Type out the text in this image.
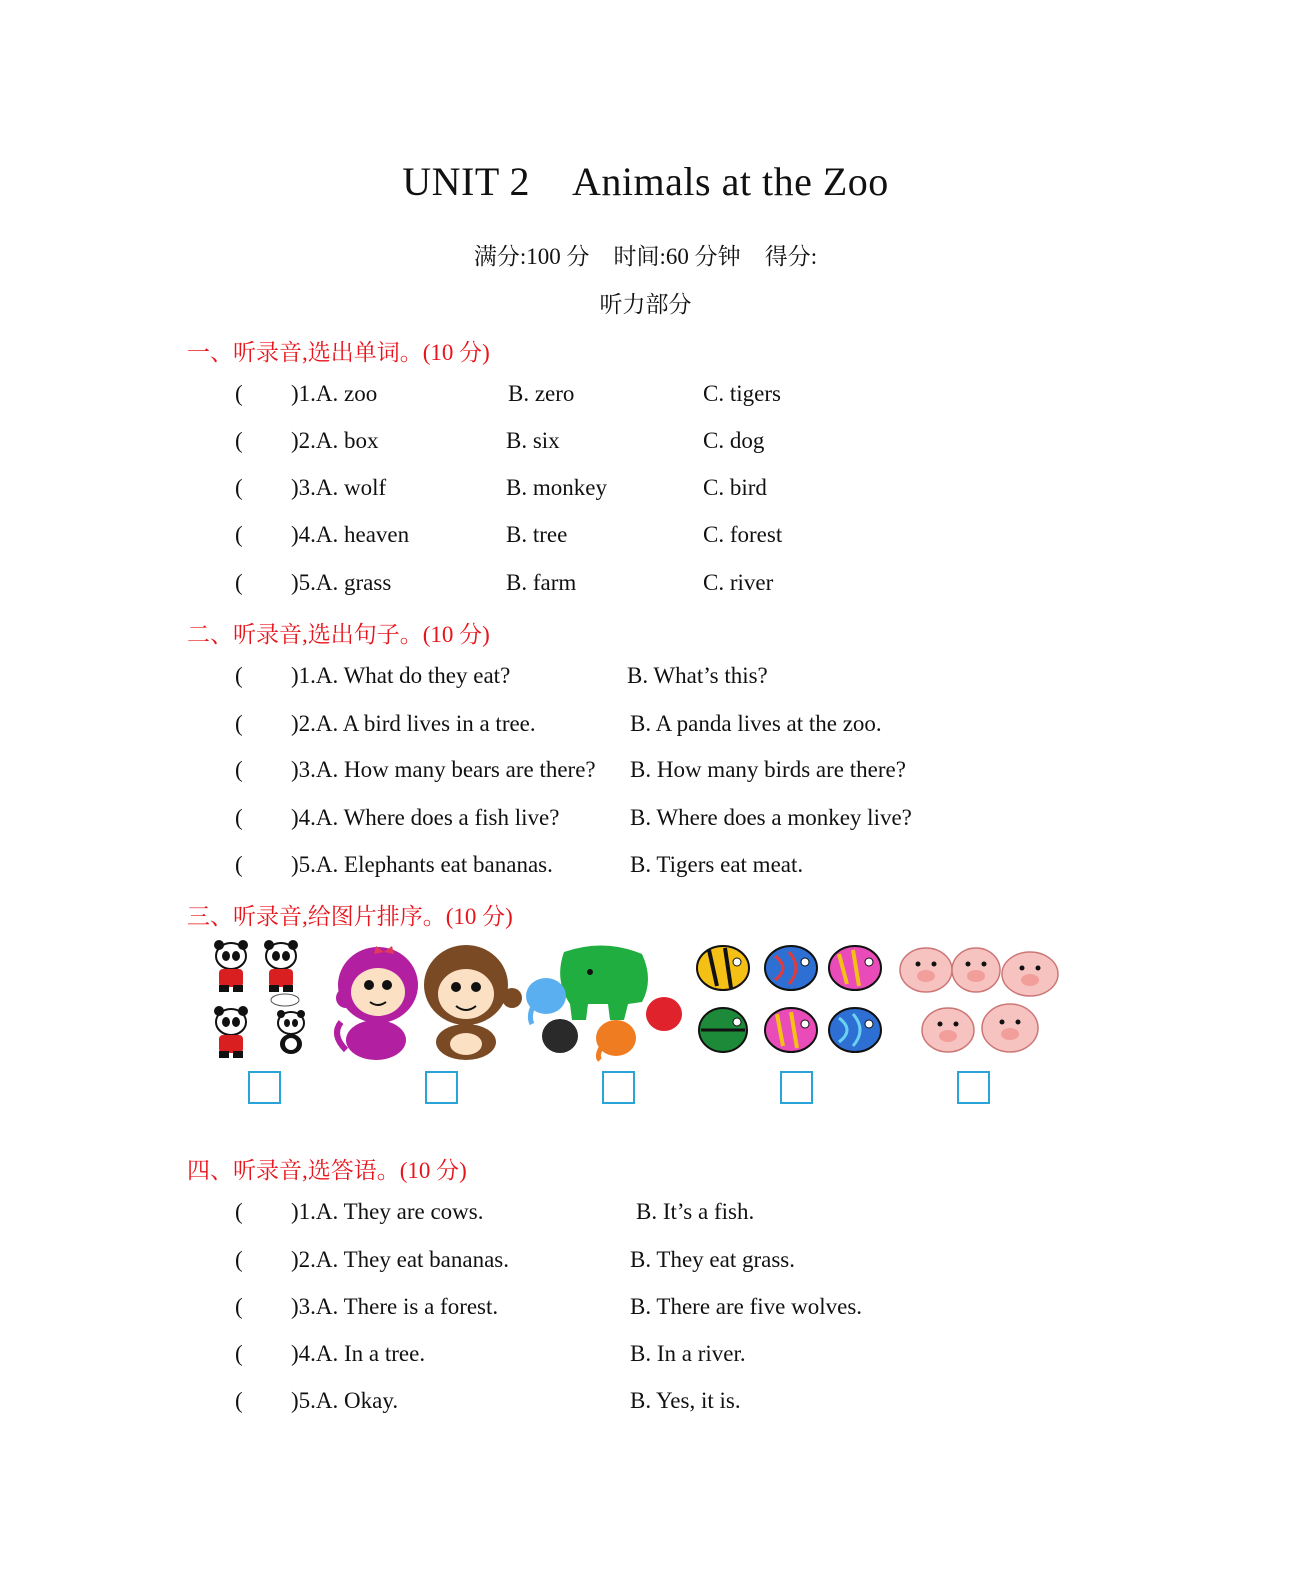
UNIT 2 Animals at the Zoo
满分:100 分 时间:60 分钟 得分:
听力部分
一、听录音,选出单词。(10 分)
( )1.A. zoo	B. zero	C. tigers
( )2.A. box	B. six	C. dog
( )3.A. wolf	B. monkey	C. bird
( )4.A. heaven	B. tree	C. forest
( )5.A. grass	B. farm	C. river
二、听录音,选出句子。(10 分)
( )1.A. What do they eat?	B. What’s this?
( )2.A. A bird lives in a tree.	B. A panda lives at the zoo.
( )3.A. How many bears are there? B. How many birds are there?
( )4.A. Where does a fish live?	B. Where does a monkey live?
( )5.A. Elephants eat bananas.	B. Tigers eat meat.
三、听录音,给图片排序。(10 分)
四、听录音,选答语。(10 分)
( )1.A. They are cows.	B. It’s a fish.
( )2.A. They eat bananas.	B. They eat grass.
( )3.A. There is a forest.	B. There are five wolves.
( )4.A. In a tree.	B. In a river.
( )5.A. Okay.	B. Yes, it is.
